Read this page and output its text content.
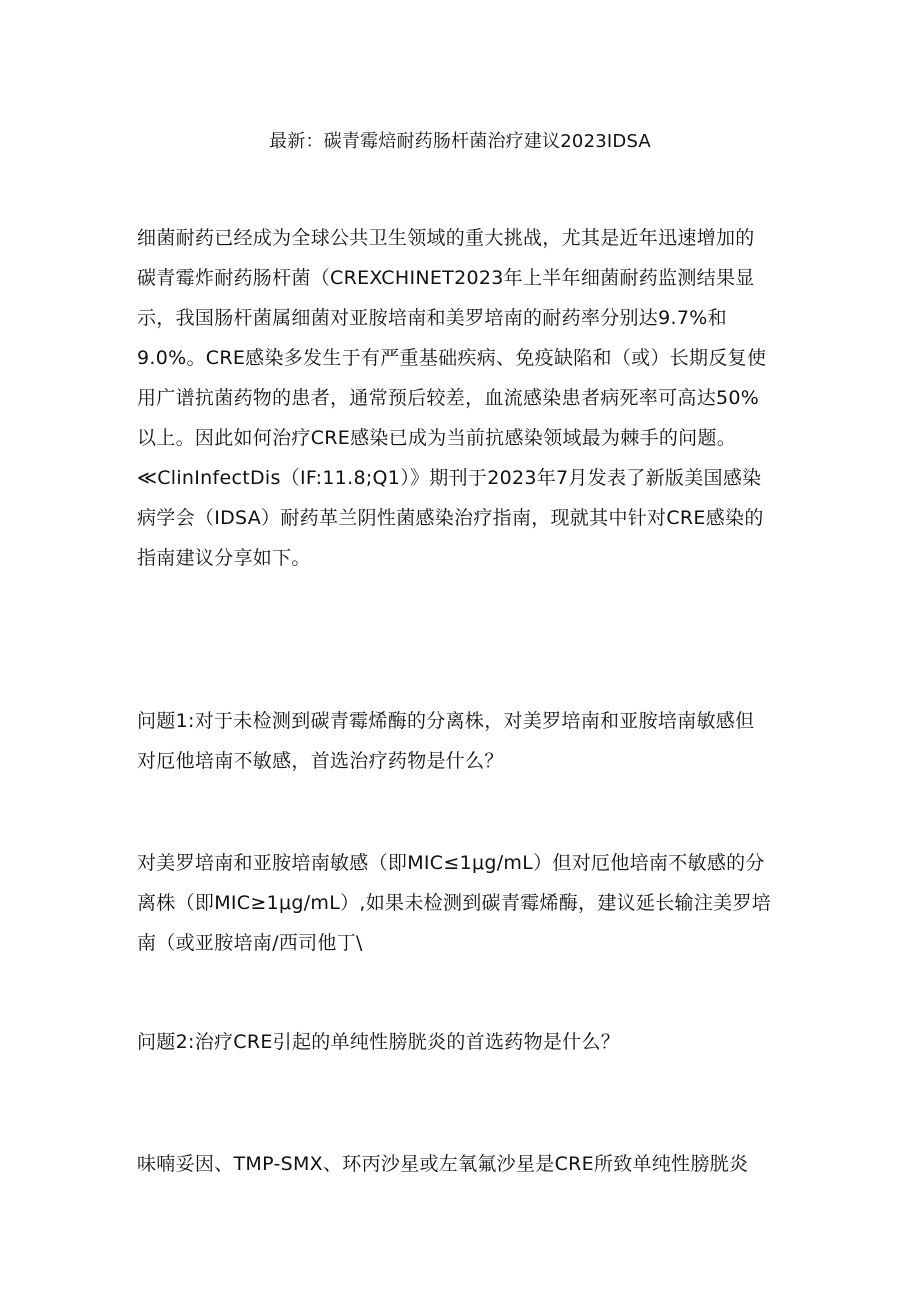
最新：碳青霉焙耐药肠杆菌治疗建议2023IDSA
细菌耐药已经成为全球公共卫生领域的重大挑战，尤其是近年迅速增加的
碳青霉炸耐药肠杆菌（CREXCHINET2023年上半年细菌耐药监测结果显
示，我国肠杆菌属细菌对亚胺培南和美罗培南的耐药率分别达9.7%和
9.0%。CRE感染多发生于有严重基础疾病、免疫缺陷和（或）长期反复使
用广谱抗菌药物的患者，通常预后较差，血流感染患者病死率可高达50%
以上。因此如何治疗CRE感染已成为当前抗感染领域最为棘手的问题。
≪ClinInfectDis（IF:11.8;Q1）》期刊于2023年7月发表了新版美国感染
病学会（IDSA）耐药革兰阴性菌感染治疗指南，现就其中针对CRE感染的
指南建议分享如下。
问题1:对于未检测到碳青霉烯酶的分离株，对美罗培南和亚胺培南敏感但
对厄他培南不敏感，首选治疗药物是什么？
对美罗培南和亚胺培南敏感（即MIC≤1μg∕mL）但对厄他培南不敏感的分
离株（即MIC≥1μg∕mL）,如果未检测到碳青霉烯酶，建议延长输注美罗培
南（或亚胺培南/西司他丁\
问题2:治疗CRE引起的单纯性膀胱炎的首选药物是什么？
味喃妥因、TMP-SMX、环丙沙星或左氧氟沙星是CRE所致单纯性膀胱炎
